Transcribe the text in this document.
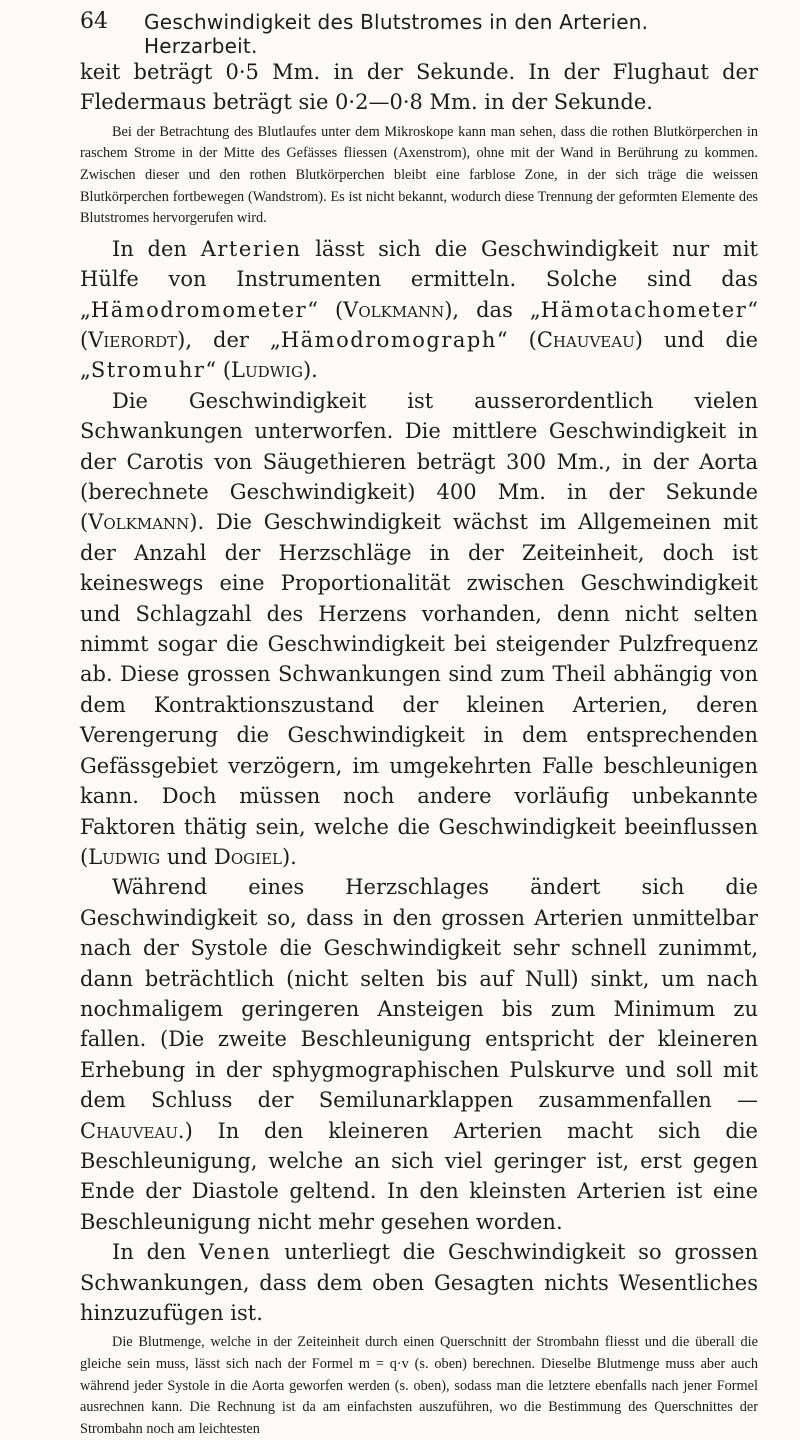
64 Geschwindigkeit des Blutstromes in den Arterien. Herzarbeit.

keit beträgt 0·5 Mm. in der Sekunde. In der Flughaut der Fledermaus beträgt sie 0·2—0·8 Mm. in der Sekunde.

Bei der Betrachtung des Blutlaufes unter dem Mikroskope kann man sehen, dass die rothen Blutkörperchen in raschem Strome in der Mitte des Gefässes fliessen (Axenstrom), ohne mit der Wand in Berührung zu kommen. Zwischen dieser und den rothen Blutkörperchen bleibt eine farblose Zone, in der sich träge die weissen Blutkörperchen fortbewegen (Wandstrom). Es ist nicht bekannt, wodurch diese Trennung der geformten Elemente des Blutstromes hervorgerufen wird.

In den Arterien lässt sich die Geschwindigkeit nur mit Hülfe von Instrumenten ermitteln. Solche sind das „Hämodromometer“ (Volkmann), das „Hämotachometer“ (Vierordt), der „Hämodromograph“ (Chauveau) und die „Stromuhr“ (Ludwig).

Die Geschwindigkeit ist ausserordentlich vielen Schwankungen unterworfen. Die mittlere Geschwindigkeit in der Carotis von Säugethieren beträgt 300 Mm., in der Aorta (berechnete Geschwindigkeit) 400 Mm. in der Sekunde (Volkmann). Die Geschwindigkeit wächst im Allgemeinen mit der Anzahl der Herzschläge in der Zeiteinheit, doch ist keineswegs eine Proportionalität zwischen Geschwindigkeit und Schlagzahl des Herzens vorhanden, denn nicht selten nimmt sogar die Geschwindigkeit bei steigender Pulzfrequenz ab. Diese grossen Schwankungen sind zum Theil abhängig von dem Kontraktionszustand der kleinen Arterien, deren Verengerung die Geschwindigkeit in dem entsprechenden Gefässgebiet verzögern, im umgekehrten Falle beschleunigen kann. Doch müssen noch andere vorläufig unbekannte Faktoren thätig sein, welche die Geschwindigkeit beeinflussen (Ludwig und Dogiel).

Während eines Herzschlages ändert sich die Geschwindigkeit so, dass in den grossen Arterien unmittelbar nach der Systole die Geschwindigkeit sehr schnell zunimmt, dann beträchtlich (nicht selten bis auf Null) sinkt, um nach nochmaligem geringeren Ansteigen bis zum Minimum zu fallen. (Die zweite Beschleunigung entspricht der kleineren Erhebung in der sphygmographischen Pulskurve und soll mit dem Schluss der Semilunarklappen zusammenfallen — Chauveau.) In den kleineren Arterien macht sich die Beschleunigung, welche an sich viel geringer ist, erst gegen Ende der Diastole geltend. In den kleinsten Arterien ist eine Beschleunigung nicht mehr gesehen worden.

In den Venen unterliegt die Geschwindigkeit so grossen Schwankungen, dass dem oben Gesagten nichts Wesentliches hinzuzufügen ist.

Die Blutmenge, welche in der Zeiteinheit durch einen Querschnitt der Strombahn fliesst und die überall die gleiche sein muss, lässt sich nach der Formel m = q·v (s. oben) berechnen. Dieselbe Blutmenge muss aber auch während jeder Systole in die Aorta geworfen werden (s. oben), sodass man die letztere ebenfalls nach jener Formel ausrechnen kann. Die Rechnung ist da am einfachsten auszuführen, wo die Bestimmung des Querschnittes der Strombahn noch am leichtesten
